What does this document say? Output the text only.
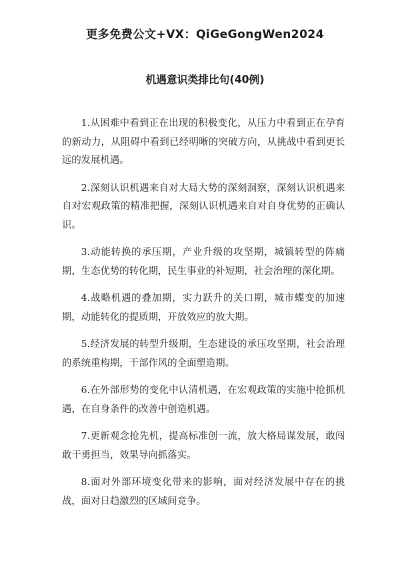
更多免费公文+VX：QiGeGongWen2024
机遇意识类排比句(40例)

1.从困难中看到正在出现的积极变化，从压力中看到正在孕育的新动力，从阻碍中看到已经明晰的突破方向，从挑战中看到更长远的发展机遇。

2.深刻认识机遇来自对大局大势的深刻洞察，深刻认识机遇来自对宏观政策的精准把握，深刻认识机遇来自对自身优势的正确认识。

3.动能转换的承压期，产业升级的攻坚期，城镇转型的阵痛期，生态优势的转化期，民生事业的补短期，社会治理的深化期。

4.战略机遇的叠加期，实力跃升的关口期，城市蝶变的加速期，动能转化的提质期，开放效应的放大期。

5.经济发展的转型升级期，生态建设的承压攻坚期，社会治理的系统重构期，干部作风的全面塑造期。

6.在外部形势的变化中认清机遇，在宏观政策的实施中抢抓机遇，在自身条件的改善中创造机遇。

7.更新观念抢先机，提高标准创一流，放大格局谋发展，敢闯敢干勇担当，效果导向抓落实。

8.面对外部环境变化带来的影响，面对经济发展中存在的挑战，面对日趋激烈的区域间竞争。
